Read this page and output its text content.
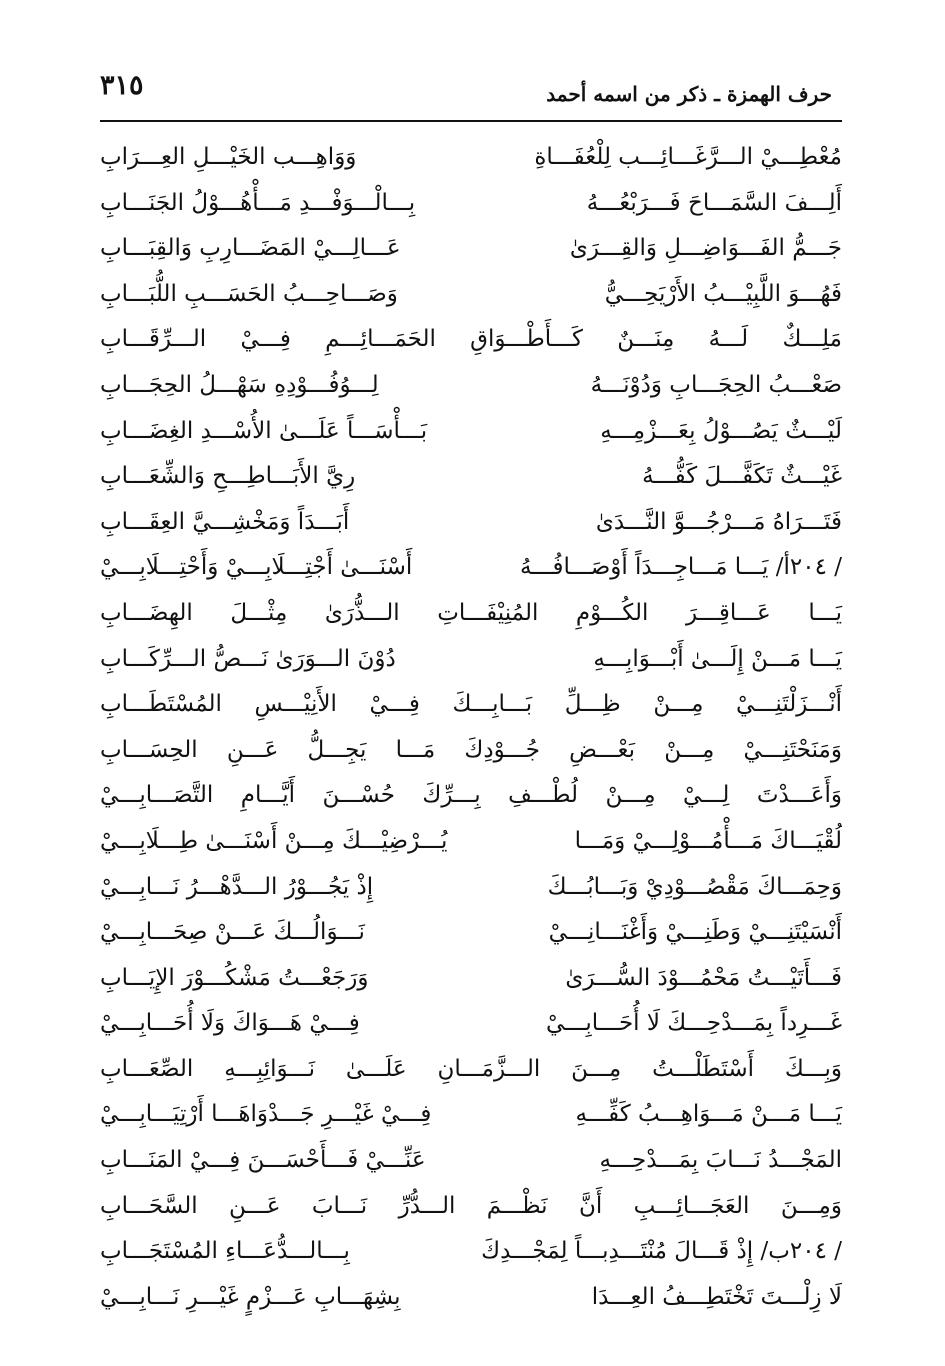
٣١٥	حرف الهمزة ـ ذكر من اسمه أحمد
مُعْطِـــيْ الـــرَّغَـــائِـــب لِلْعُفَـــاةِ
وَوَاهِـــب الخَيْـــلِ العِـــرَابِ
أَلِـــفَ السَّمَـــاحَ فَـــرَبْعُـــهُ
بِـــالْـــوَفْـــدِ مَـــأْهُـــوْلُ الجَنَـــابِ
جَـــمُّ الفَـــوَاضِـــلِ وَالقِـــرَىٰ
عَـــالِـــيْ المَضَـــارِبِ وَالقِبَـــابِ
فَهُـــوَ اللَّبِيْـــبُ الأَرْيَحِـــيُّ
وَصَـــاحِـــبُ الحَسَـــبِ اللُّبَـــابِ
مَلِـــكٌ لَـــهُ مِنَـــنٌ كَـــأَطْـــوَاقِ الحَمَـــائِـــمِ فِـــيْ الـــرِّقَـــابِ
صَعْـــبُ الحِجَـــابِ وَدُوْنَـــهُ
لِـــوُفُـــوْدِهِ سَهْـــلُ الحِجَـــابِ
لَيْـــثٌ يَصُـــوْلُ بِعَـــزْمِـــهِ
بَـــأْسَـــاً عَلَـــىٰ الأُسْـــدِ الغِضَـــابِ
غَيْـــثٌ تَكَفَّـــلَ كَفُّـــهُ
رِيَّ الأَبَـــاطِـــحِ وَالشِّعَـــابِ
فَتَـــرَاهُ مَـــرْجُـــوَّ النَّـــدَىٰ
أَبَـــدَاً وَمَخْشِـــيَّ العِقَـــابِ
/ ٢٠٤أ/ يَـــا مَـــاجِـــدَاً أَوْصَـــافُـــهُ
أَسْنَـــىٰ أَجْتِـــلَابِـــيْ وَأَحْتِـــلَابِـــيْ
يَـــا عَـــاقِـــرَ الكُـــوْمِ المُنِيْفَـــاتِ الـــذُّرَىٰ مِثْـــلَ الهِضَـــابِ
يَـــا مَـــنْ إِلَـــىٰ أَبْـــوَابِـــهِ
دُوْنَ الـــوَرَىٰ نَـــصُّ الـــرِّكَـــابِ
أَنْـــزَلْتَنِـــيْ مِـــنْ ظِـــلِّ بَـــابِـــكَ فِـــيْ الأَنِيْـــسِ المُسْتَطَـــابِ
وَمَنَحْتَنِـــيْ مِـــنْ بَعْـــضِ جُـــوْدِكَ مَـــا يَجِـــلُّ عَـــنِ الحِسَـــابِ
وَأَعَـــدْتَ لِـــيْ مِـــنْ لُطْـــفِ بِـــرِّكَ حُسْـــنَ أَيَّـــامِ التَّصَـــابِـــيْ
لُقْيَـــاكَ مَـــأْمُـــوْلِـــيْ وَمَـــا
يُـــرْضِيْـــكَ مِـــنْ أَسْنَـــىٰ طِـــلَابِـــيْ
وَحِمَـــاكَ مَقْصُـــوْدِيْ وَبَـــابُـــكَ
إِذْ يَجُـــوْرُ الـــدَّهْـــرُ نَـــابِـــيْ
أَنْسَيْتَنِـــيْ وَطَنِـــيْ وَأَغْنَـــانِـــيْ
نَـــوَالُـــكَ عَـــنْ صِحَـــابِـــيْ
فَـــأَتَيْـــتُ مَحْمُـــوْدَ السُّـــرَىٰ
وَرَجَعْـــتُ مَشْكُـــوْرَ الإِيَـــابِ
غَـــرِداً بِمَـــدْحِـــكَ لَا أُحَـــابِـــيْ
فِـــيْ هَـــوَاكَ وَلَا أُحَـــابِـــيْ
وَبِـــكَ أَسْتَطَلْـــتُ مِـــنَ الـــزَّمَـــانِ عَلَـــىٰ نَـــوَائِبِـــهِ الصِّعَـــابِ
يَـــا مَـــنْ مَـــوَاهِـــبُ كَفِّـــهِ
فِـــيْ غَيْـــرِ جَـــدْوَاهَـــا أَرْتِيَـــابِـــيْ
المَجْـــدُ نَـــابَ بِمَـــدْحِـــهِ
عَنِّـــيْ فَـــأَحْسَـــنَ فِـــيْ المَنَـــابِ
وَمِـــنَ العَجَـــائِـــبِ أَنَّ نَظْـــمَ الـــدُّرِّ نَـــابَ عَـــنِ السَّحَـــابِ
/ ٢٠٤ب/ إِذْ قَـــالَ مُنْتَـــدِبـــاً لِمَجْـــدِكَ
بِـــالـــدُّعَـــاءِ المُسْتَجَـــابِ
لَا زِلْـــتَ تَخْتَطِـــفُ العِـــدَا
بِشِهَـــابِ عَـــزْمٍ غَيْـــرِ نَـــابِـــيْ
